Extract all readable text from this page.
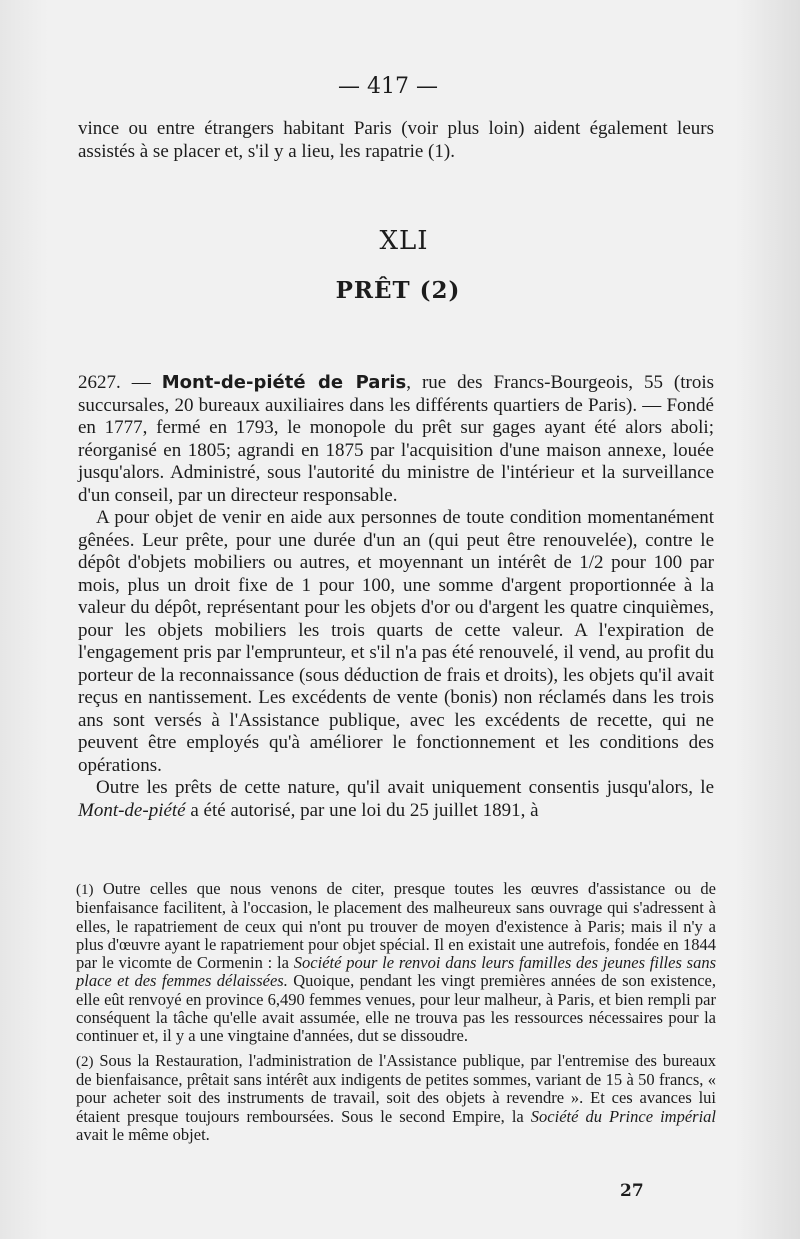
— 417 —
vince ou entre étrangers habitant Paris (voir plus loin) aident également leurs assistés à se placer et, s'il y a lieu, les rapatrie (1).
XLI
PRÊT (2)

2627. — Mont-de-piété de Paris, rue des Francs-Bourgeois, 55 (trois succursales, 20 bureaux auxiliaires dans les différents quartiers de Paris). — Fondé en 1777, fermé en 1793, le monopole du prêt sur gages ayant été alors aboli; réorganisé en 1805; agrandi en 1875 par l'acquisition d'une maison annexe, louée jusqu'alors. Administré, sous l'autorité du ministre de l'intérieur et la surveillance d'un conseil, par un directeur responsable.

A pour objet de venir en aide aux personnes de toute condition momentanément gênées. Leur prête, pour une durée d'un an (qui peut être renouvelée), contre le dépôt d'objets mobiliers ou autres, et moyennant un intérêt de 1/2 pour 100 par mois, plus un droit fixe de 1 pour 100, une somme d'argent proportionnée à la valeur du dépôt, représentant pour les objets d'or ou d'argent les quatre cinquièmes, pour les objets mobiliers les trois quarts de cette valeur. A l'expiration de l'engagement pris par l'emprunteur, et s'il n'a pas été renouvelé, il vend, au profit du porteur de la reconnaissance (sous déduction de frais et droits), les objets qu'il avait reçus en nantissement. Les excédents de vente (bonis) non réclamés dans les trois ans sont versés à l'Assistance publique, avec les excédents de recette, qui ne peuvent être employés qu'à améliorer le fonctionnement et les conditions des opérations.

Outre les prêts de cette nature, qu'il avait uniquement consentis jusqu'alors, le Mont-de-piété a été autorisé, par une loi du 25 juillet 1891, à

(1) Outre celles que nous venons de citer, presque toutes les œuvres d'assistance ou de bienfaisance facilitent, à l'occasion, le placement des malheureux sans ouvrage qui s'adressent à elles, le rapatriement de ceux qui n'ont pu trouver de moyen d'existence à Paris; mais il n'y a plus d'œuvre ayant le rapatriement pour objet spécial. Il en existait une autrefois, fondée en 1844 par le vicomte de Cormenin : la Société pour le renvoi dans leurs familles des jeunes filles sans place et des femmes délaissées. Quoique, pendant les vingt premières années de son existence, elle eût renvoyé en province 6,490 femmes venues, pour leur malheur, à Paris, et bien rempli par conséquent la tâche qu'elle avait assumée, elle ne trouva pas les ressources nécessaires pour la continuer et, il y a une vingtaine d'années, dut se dissoudre.

(2) Sous la Restauration, l'administration de l'Assistance publique, par l'entremise des bureaux de bienfaisance, prêtait sans intérêt aux indigents de petites sommes, variant de 15 à 50 francs, « pour acheter soit des instruments de travail, soit des objets à revendre ». Et ces avances lui étaient presque toujours remboursées. Sous le second Empire, la Société du Prince impérial avait le même objet.

27
